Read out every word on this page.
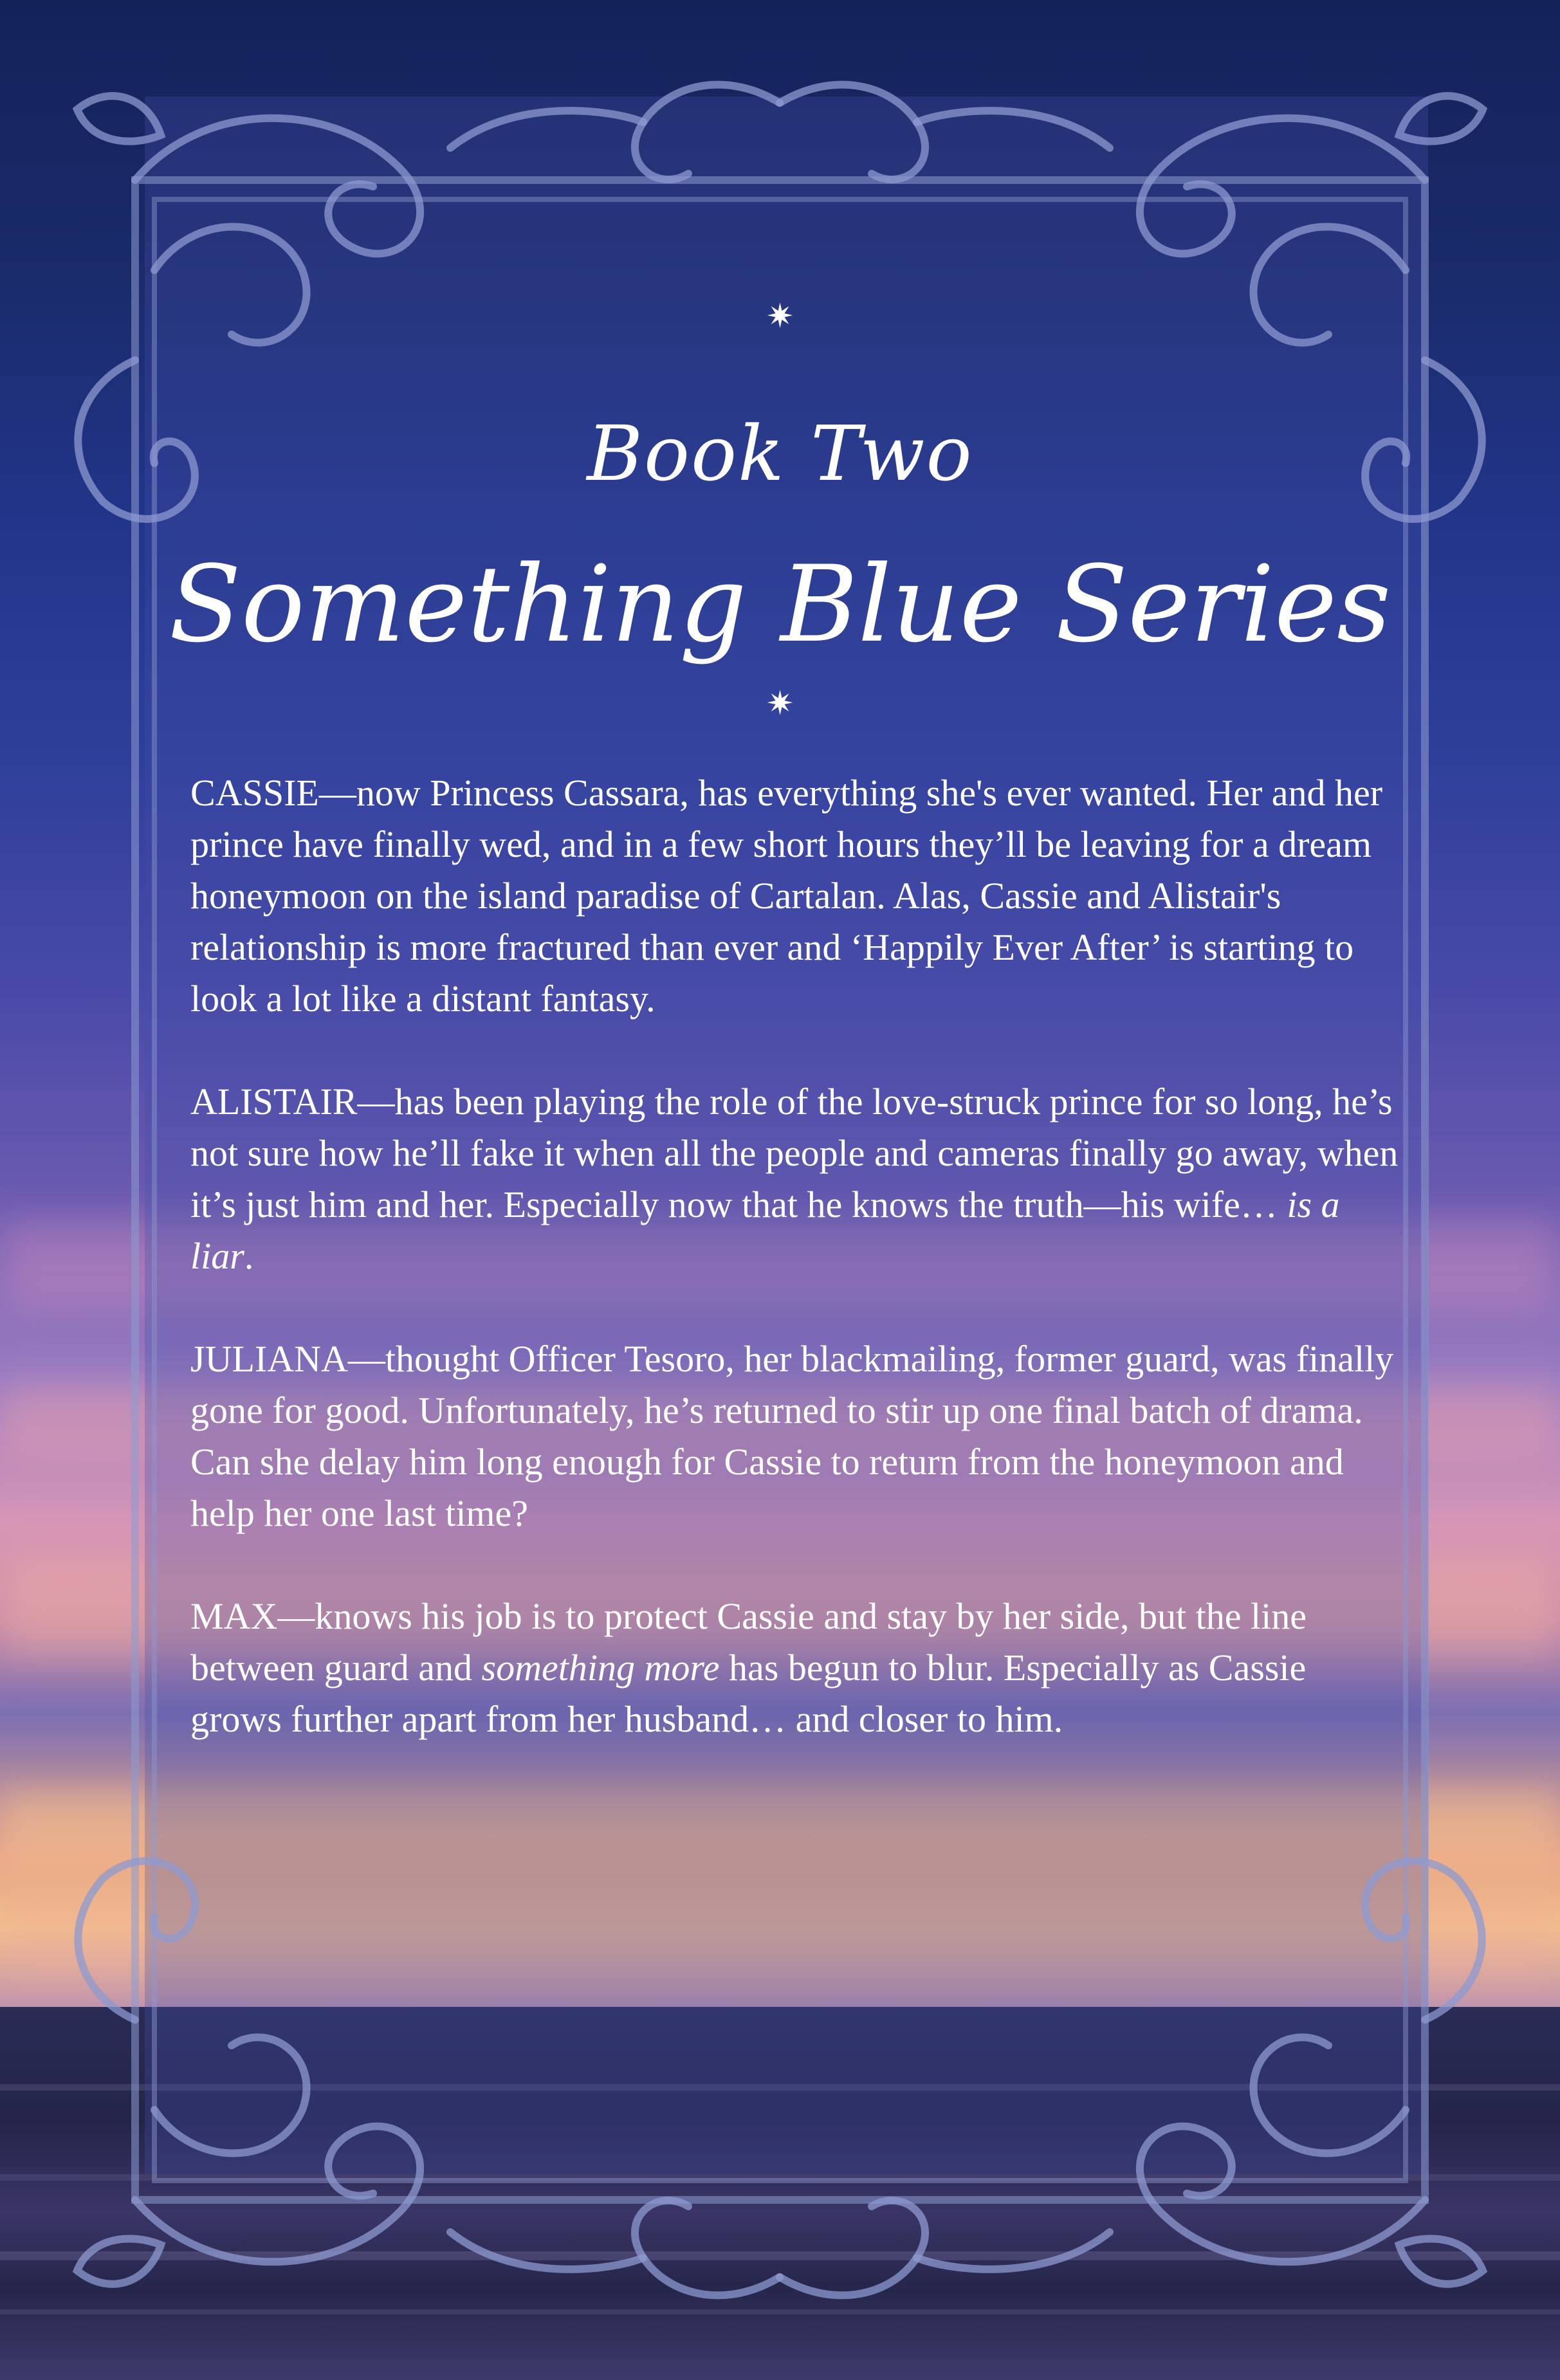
✷
Book Two
Something Blue Series
✷

CASSIE—now Princess Cassara, has everything she's ever wanted. Her and her prince have finally wed, and in a few short hours they’ll be leaving for a dream honeymoon on the island paradise of Cartalan. Alas, Cassie and Alistair's relationship is more fractured than ever and ‘Happily Ever After’ is starting to look a lot like a distant fantasy.

ALISTAIR—has been playing the role of the love-struck prince for so long, he’s not sure how he’ll fake it when all the people and cameras finally go away, when it’s just him and her. Especially now that he knows the truth—his wife… is a liar.

JULIANA—thought Officer Tesoro, her blackmailing, former guard, was finally gone for good. Unfortunately, he’s returned to stir up one final batch of drama. Can she delay him long enough for Cassie to return from the honeymoon and help her one last time?

MAX—knows his job is to protect Cassie and stay by her side, but the line between guard and something more has begun to blur. Especially as Cassie grows further apart from her husband… and closer to him.
